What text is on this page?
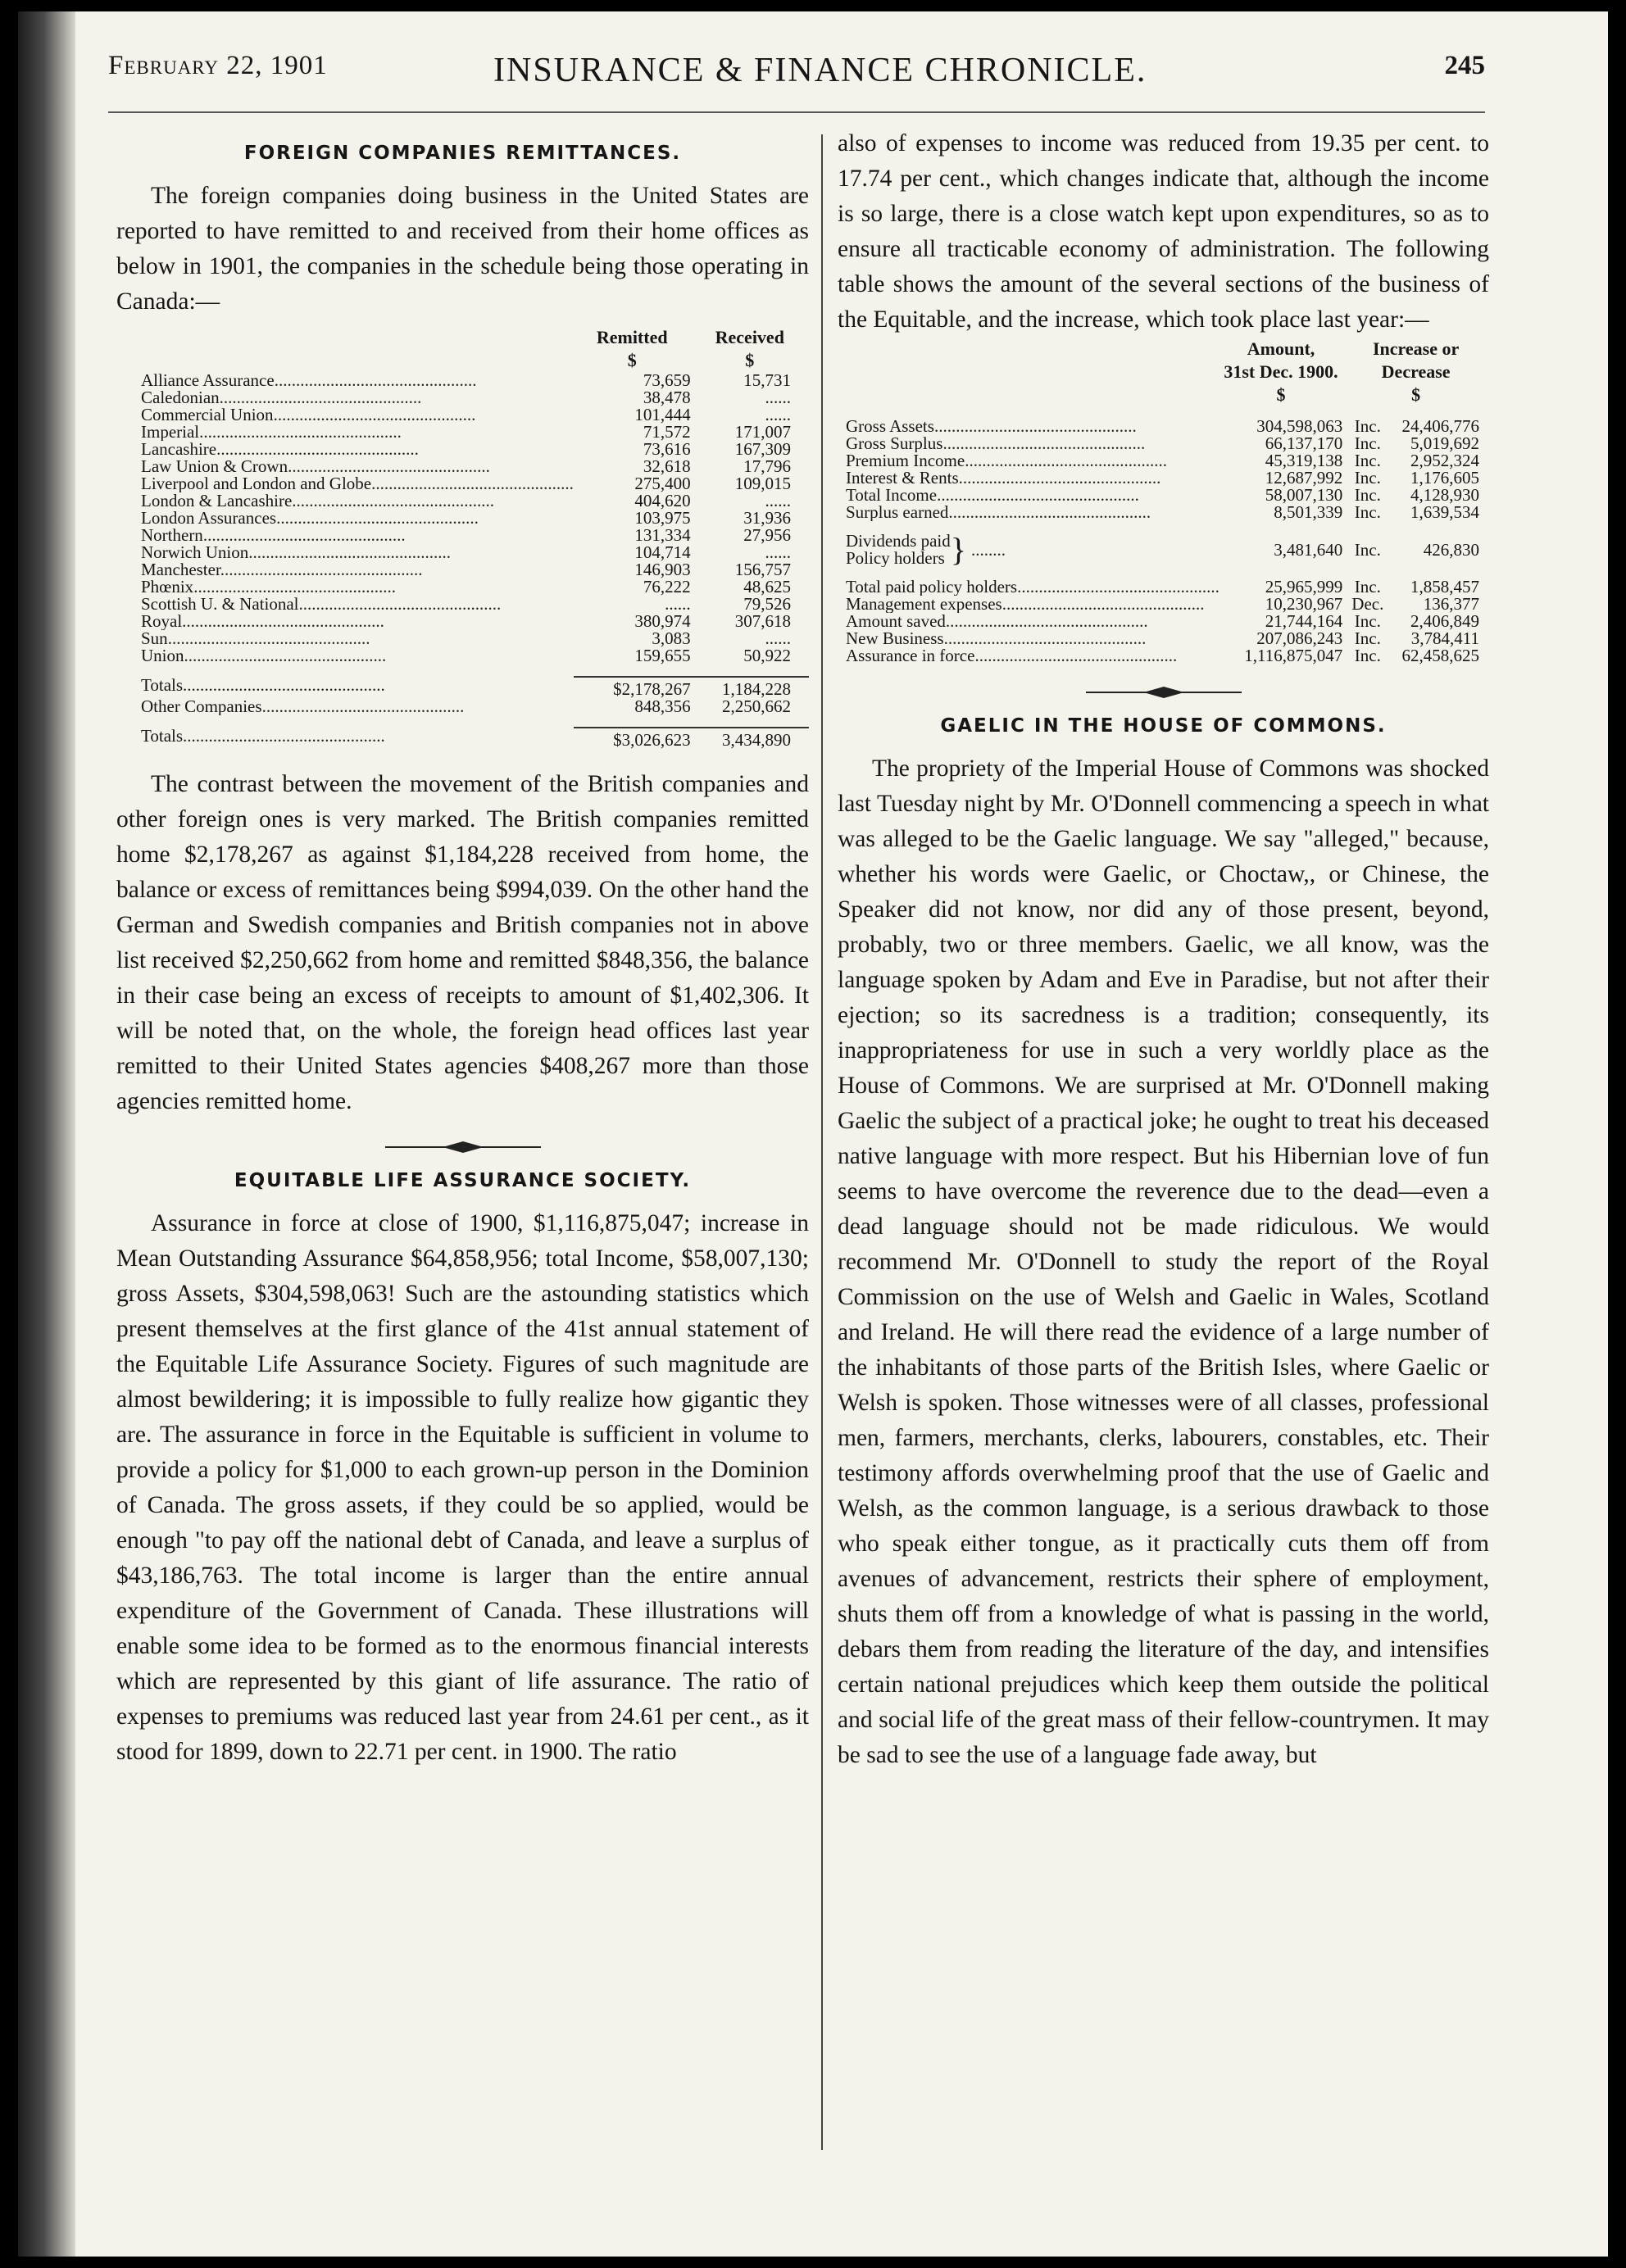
February 22, 1901	INSURANCE & FINANCE CHRONICLE.	245
FOREIGN COMPANIES REMITTANCES.

The foreign companies doing business in the United States are reported to have remitted to and received from their home offices as below in 1901, the companies in the schedule being those operating in Canada:—

	Remitted	Received
	$	$
Alliance Assurance...............................................	73,659	15,731
Caledonian...............................................	38,478	......
Commercial Union...............................................	101,444	......
Imperial...............................................	71,572	171,007
Lancashire...............................................	73,616	167,309
Law Union & Crown...............................................	32,618	17,796
Liverpool and London and Globe...............................................	275,400	109,015
London & Lancashire...............................................	404,620	......
London Assurances...............................................	103,975	31,936
Northern...............................................	131,334	27,956
Norwich Union...............................................	104,714	......
Manchester...............................................	146,903	156,757
Phœnix...............................................	76,222	48,625
Scottish U. & National...............................................	......	79,526
Royal...............................................	380,974	307,618
Sun...............................................	3,083	......
Union...............................................	159,655	50,922

Totals...............................................	$2,178,267	1,184,228
Other Companies...............................................	848,356	2,250,662

Totals...............................................	$3,026,623	3,434,890

The contrast between the movement of the British companies and other foreign ones is very marked. The British companies remitted home $2,178,267 as against $1,184,228 received from home, the balance or excess of remittances being $994,039. On the other hand the German and Swedish companies and British companies not in above list received $2,250,662 from home and remitted $848,356, the balance in their case being an excess of receipts to amount of $1,402,306. It will be noted that, on the whole, the foreign head offices last year remitted to their United States agencies $408,267 more than those agencies remitted home.

EQUITABLE LIFE ASSURANCE SOCIETY.

Assurance in force at close of 1900, $1,116,875,047; increase in Mean Outstanding Assurance $64,858,956; total Income, $58,007,130; gross Assets, $304,598,063! Such are the astounding statistics which present themselves at the first glance of the 41st annual statement of the Equitable Life Assurance Society. Figures of such magnitude are almost bewildering; it is impossible to fully realize how gigantic they are. The assurance in force in the Equitable is sufficient in volume to provide a policy for $1,000 to each grown-up person in the Dominion of Canada. The gross assets, if they could be so applied, would be enough "to pay off the national debt of Canada, and leave a surplus of $43,186,763. The total income is larger than the entire annual expenditure of the Government of Canada. These illustrations will enable some idea to be formed as to the enormous financial interests which are represented by this giant of life assurance. The ratio of expenses to premiums was reduced last year from 24.61 per cent., as it stood for 1899, down to 22.71 per cent. in 1900. The ratio

also of expenses to income was reduced from 19.35 per cent. to 17.74 per cent., which changes indicate that, although the income is so large, there is a close watch kept upon expenditures, so as to ensure all tracticable economy of administration. The following table shows the amount of the several sections of the business of the Equitable, and the increase, which took place last year:—

	Amount,	Increase or	
	31st Dec. 1900.	Decrease	
	$	$	

Gross Assets...............................................	304,598,063	Inc.	24,406,776
Gross Surplus...............................................	66,137,170	Inc.	5,019,692
Premium Income...............................................	45,319,138	Inc.	2,952,324
Interest & Rents...............................................	12,687,992	Inc.	1,176,605
Total Income...............................................	58,007,130	Inc.	4,128,930
Surplus earned...............................................	8,501,339	Inc.	1,639,534

Dividends paid
Policy holders } ........	3,481,640	Inc.	426,830

Total paid policy holders...............................................	25,965,999	Inc.	1,858,457
Management expenses...............................................	10,230,967	Dec.	136,377
Amount saved...............................................	21,744,164	Inc.	2,406,849
New Business...............................................	207,086,243	Inc.	3,784,411
Assurance in force...............................................	1,116,875,047	Inc.	62,458,625
GAELIC IN THE HOUSE OF COMMONS.

The propriety of the Imperial House of Commons was shocked last Tuesday night by Mr. O'Donnell commencing a speech in what was alleged to be the Gaelic language. We say "alleged," because, whether his words were Gaelic, or Choctaw,, or Chinese, the Speaker did not know, nor did any of those present, beyond, probably, two or three members. Gaelic, we all know, was the language spoken by Adam and Eve in Paradise, but not after their ejection; so its sacredness is a tradition; consequently, its inappropriateness for use in such a very worldly place as the House of Commons. We are surprised at Mr. O'Donnell making Gaelic the subject of a practical joke; he ought to treat his deceased native language with more respect. But his Hibernian love of fun seems to have overcome the reverence due to the dead—even a dead language should not be made ridiculous. We would recommend Mr. O'Donnell to study the report of the Royal Commission on the use of Welsh and Gaelic in Wales, Scotland and Ireland. He will there read the evidence of a large number of the inhabitants of those parts of the British Isles, where Gaelic or Welsh is spoken. Those witnesses were of all classes, professional men, farmers, merchants, clerks, labourers, constables, etc. Their testimony affords overwhelming proof that the use of Gaelic and Welsh, as the common language, is a serious drawback to those who speak either tongue, as it practically cuts them off from avenues of advancement, restricts their sphere of employment, shuts them off from a knowledge of what is passing in the world, debars them from reading the literature of the day, and intensifies certain national prejudices which keep them outside the political and social life of the great mass of their fellow-countrymen. It may be sad to see the use of a language fade away, but
